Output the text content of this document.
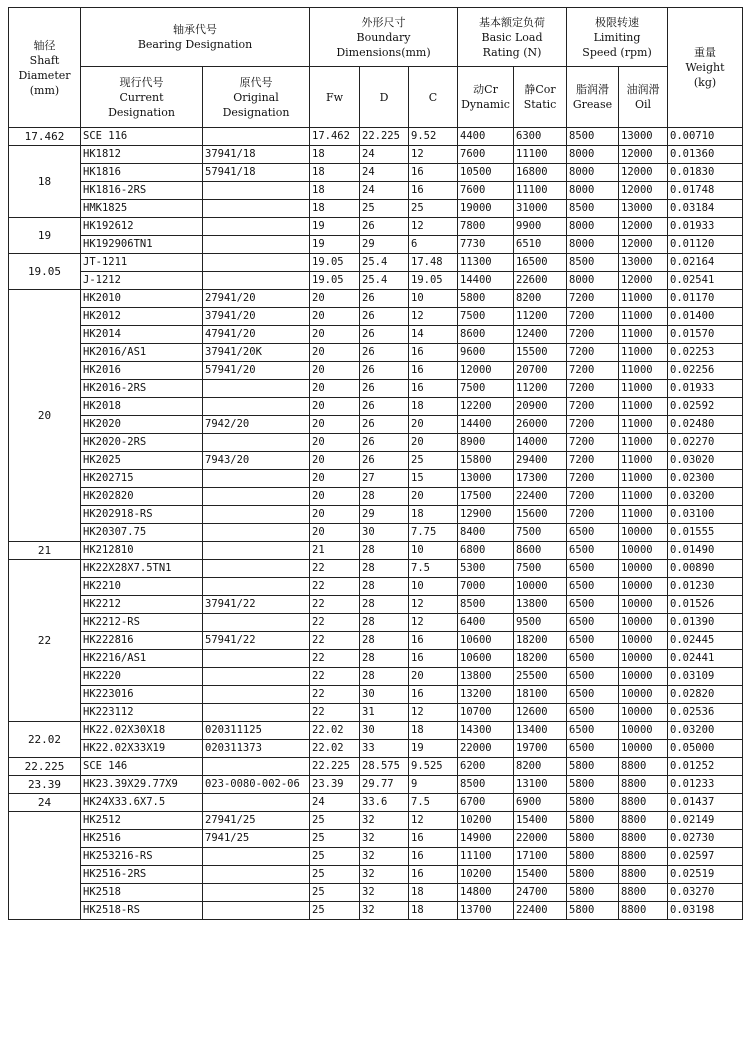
轴径
Shaft
Diameter
(mm)	轴承代号
Bearing Designation		外形尺寸
Boundary
Dimensions(mm)			基本额定负荷
Basic Load
Rating (N)		极限转速
Limiting
Speed (rpm)		重量
Weight
(kg)

	现行代号
Current
Designation	原代号
Original
Designation	Fw	D	C	动Cr
Dynamic	静Cor
Static	脂润滑
Grease	油润滑
Oil	

17.462	SCE 116		17.462	22.225	9.52	4400	6300	8500	13000	0.00710
18	HK1812	37941/18	18	24	12	7600	11100	8000	12000	0.01360
	HK1816	57941/18	18	24	16	10500	16800	8000	12000	0.01830
	HK1816-2RS		18	24	16	7600	11100	8000	12000	0.01748
	HMK1825		18	25	25	19000	31000	8500	13000	0.03184
19	HK192612		19	26	12	7800	9900	8000	12000	0.01933
	HK192906TN1		19	29	6	7730	6510	8000	12000	0.01120
19.05	JT-1211		19.05	25.4	17.48	11300	16500	8500	13000	0.02164
	J-1212		19.05	25.4	19.05	14400	22600	8000	12000	0.02541
20	HK2010	27941/20	20	26	10	5800	8200	7200	11000	0.01170
	HK2012	37941/20	20	26	12	7500	11200	7200	11000	0.01400
	HK2014	47941/20	20	26	14	8600	12400	7200	11000	0.01570
	HK2016/AS1	37941/20K	20	26	16	9600	15500	7200	11000	0.02253
	HK2016	57941/20	20	26	16	12000	20700	7200	11000	0.02256
	HK2016-2RS		20	26	16	7500	11200	7200	11000	0.01933
	HK2018		20	26	18	12200	20900	7200	11000	0.02592
	HK2020	7942/20	20	26	20	14400	26000	7200	11000	0.02480
	HK2020-2RS		20	26	20	8900	14000	7200	11000	0.02270
	HK2025	7943/20	20	26	25	15800	29400	7200	11000	0.03020
	HK202715		20	27	15	13000	17300	7200	11000	0.02300
	HK202820		20	28	20	17500	22400	7200	11000	0.03200
	HK202918-RS		20	29	18	12900	15600	7200	11000	0.03100
	HK20307.75		20	30	7.75	8400	7500	6500	10000	0.01555
21	HK212810		21	28	10	6800	8600	6500	10000	0.01490
22	HK22X28X7.5TN1		22	28	7.5	5300	7500	6500	10000	0.00890
	HK2210		22	28	10	7000	10000	6500	10000	0.01230
	HK2212	37941/22	22	28	12	8500	13800	6500	10000	0.01526
	HK2212-RS		22	28	12	6400	9500	6500	10000	0.01390
	HK222816	57941/22	22	28	16	10600	18200	6500	10000	0.02445
	HK2216/AS1		22	28	16	10600	18200	6500	10000	0.02441
	HK2220		22	28	20	13800	25500	6500	10000	0.03109
	HK223016		22	30	16	13200	18100	6500	10000	0.02820
	HK223112		22	31	12	10700	12600	6500	10000	0.02536
22.02	HK22.02X30X18	020311125	22.02	30	18	14300	13400	6500	10000	0.03200
	HK22.02X33X19	020311373	22.02	33	19	22000	19700	6500	10000	0.05000
22.225	SCE 146		22.225	28.575	9.525	6200	8200	5800	8800	0.01252
23.39	HK23.39X29.77X9	023-0080-002-06	23.39	29.77	9	8500	13100	5800	8800	0.01233
24	HK24X33.6X7.5		24	33.6	7.5	6700	6900	5800	8800	0.01437
	HK2512	27941/25	25	32	12	10200	15400	5800	8800	0.02149
	HK2516	7941/25	25	32	16	14900	22000	5800	8800	0.02730
	HK253216-RS		25	32	16	11100	17100	5800	8800	0.02597
	HK2516-2RS		25	32	16	10200	15400	5800	8800	0.02519
	HK2518		25	32	18	14800	24700	5800	8800	0.03270
	HK2518-RS		25	32	18	13700	22400	5800	8800	0.03198
